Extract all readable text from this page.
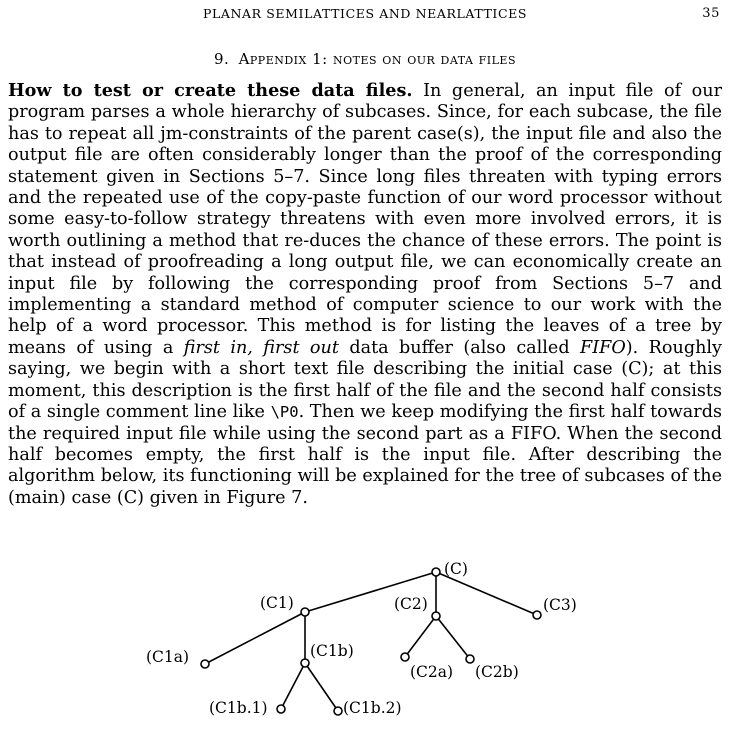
PLANAR SEMILATTICES AND NEARLATTICES	35
9. Appendix 1: notes on our data files
How to test or create these data files. In general, an input file of our program parses a whole hierarchy of subcases. Since, for each subcase, the file has to repeat all jm-constraints of the parent case(s), the input file and also the output file are often considerably longer than the proof of the corresponding statement given in Sections 5–7. Since long files threaten with typing errors and the repeated use of the copy-paste function of our word processor without some easy-to-follow strategy threatens with even more involved errors, it is worth outlining a method that re-duces the chance of these errors. The point is that instead of proofreading a long output file, we can economically create an input file by following the corresponding proof from Sections 5–7 and implementing a standard method of computer science to our work with the help of a word processor. This method is for listing the leaves of a tree by means of using a first in, first out data buffer (also called FIFO). Roughly saying, we begin with a short text file describing the initial case (C); at this moment, this description is the first half of the file and the second half consists of a single comment line like \P0. Then we keep modifying the first half towards the required input file while using the second part as a FIFO. When the second half becomes empty, the first half is the input file. After describing the algorithm below, its functioning will be explained for the tree of subcases of the (main) case (C) given in Figure 7.
(C)
(C1)	(C2)	(C3)
(C1a)	(C1b)
(C2a) (C2b)
(C1b.1)	(C1b.2)
